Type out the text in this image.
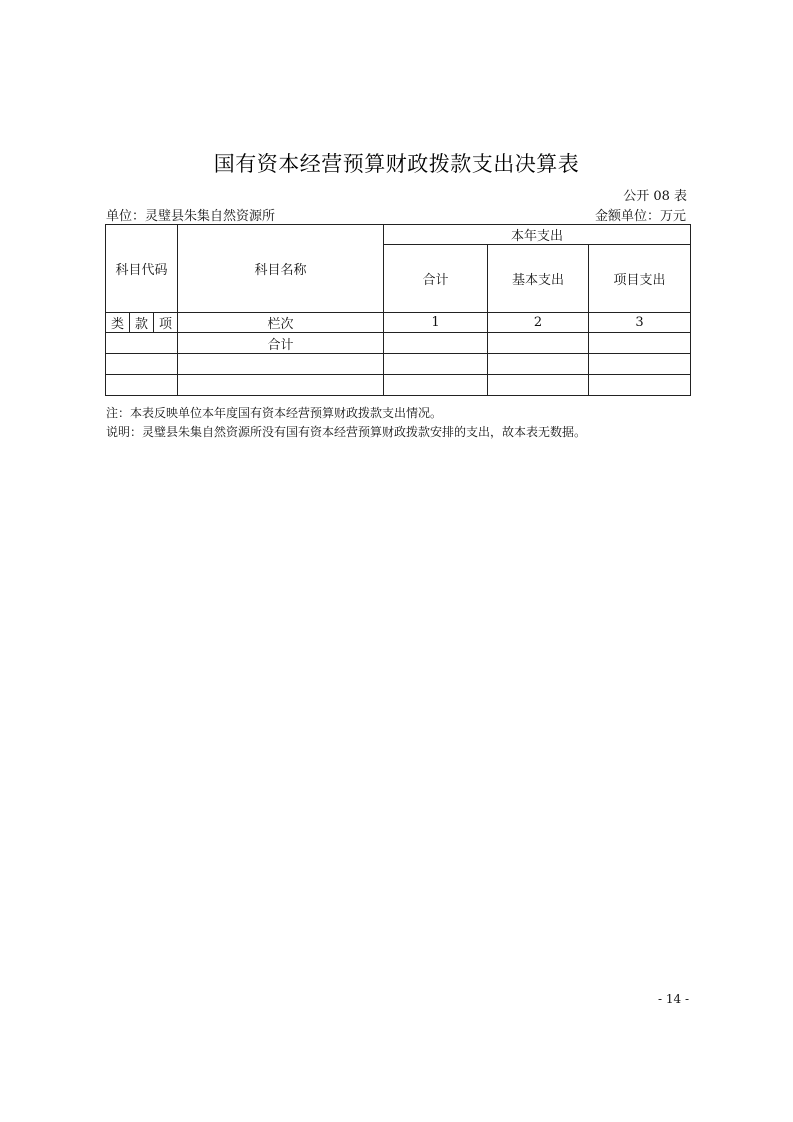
国有资本经营预算财政拨款支出决算表
公开 08 表
单位：灵璧县朱集自然资源所	金额单位：万元
科目代码			科目名称	本年支出		
				合计	基本支出	项目支出
类	款	项	栏次	1	2	3
			合计			

注：本表反映单位本年度国有资本经营预算财政拨款支出情况。
说明：灵璧县朱集自然资源所没有国有资本经营预算财政拨款安排的支出，故本表无数据。
- 14 -
